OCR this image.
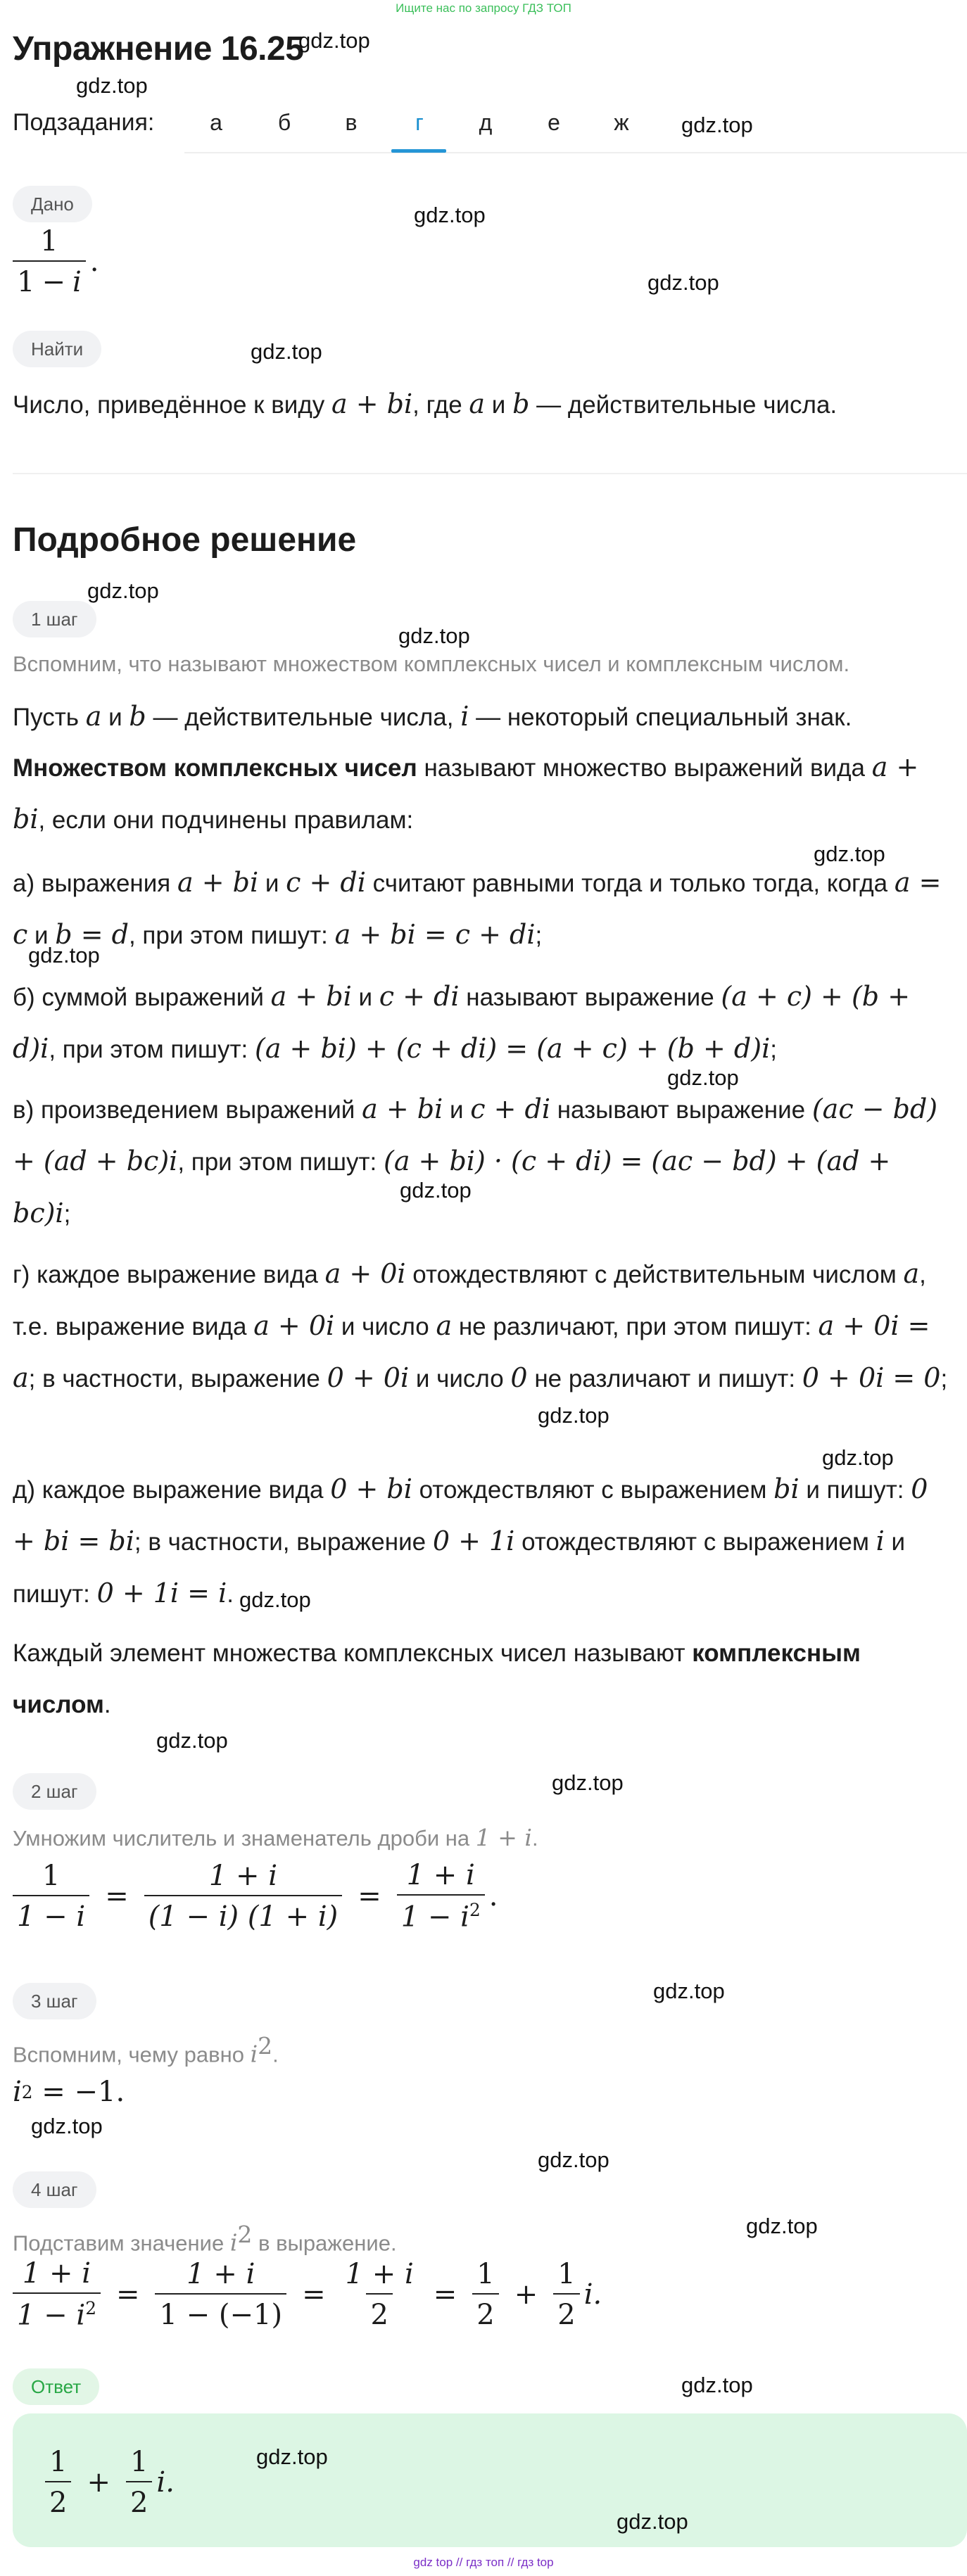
Ищите нас по запросу ГДЗ ТОП
Упражнение 16.25
gdz.top
gdz.top
Подзадания:	а	б	в	г	д	е	ж	gdz.top
Дано	gdz.top
$\frac{1}{1 - i}$ .
gdz.top
Найти	gdz.top
Число, приведённое к виду a + bi, где a и b — действительные числа.
Подробное решение
gdz.top
1 шаг
gdz.top
Вспомним, что называют множеством комплексных чисел и комплексным числом.
Пусть a и b — действительные числа, i — некоторый специальный знак.
Множеством комплексных чисел называют множество выражений вида a + bi, если они подчинены правилам:
gdz.top
а) выражения a + bi и c + di считают равными тогда и только тогда, когда a = c и b = d, при этом пишут: a + bi = c + di;
gdz.top
б) суммой выражений a + bi и c + di называют выражение (a + c) + (b + d)i, при этом пишут: (a + bi) + (c + di) = (a + c) + (b + d)i;
gdz.top
в) произведением выражений a + bi и c + di называют выражение (ac − bd) + (ad + bc)i, при этом пишут: (a + bi) · (c + di) = (ac − bd) + (ad + bc)i;
gdz.top
г) каждое выражение вида a + 0i отождествляют с действительным числом a, т.е. выражение вида a + 0i и число a не различают, при этом пишут: a + 0i = a; в частности, выражение 0 + 0i и число 0 не различают и пишут: 0 + 0i = 0;
gdz.top
gdz.top
д) каждое выражение вида 0 + bi отождествляют с выражением bi и пишут: 0 + bi = bi; в частности, выражение 0 + 1i отождествляют с выражением i и пишут: 0 + 1i = i. gdz.top
Каждый элемент множества комплексных чисел называют комплексным числом.
gdz.top
2 шаг	gdz.top
Умножим числитель и знаменатель дроби на 1 + i.
$\frac{1}{1 - i} = \frac{1 + i}{(1 - i) (1 + i)} = \frac{1 + i}{1 - i^2}$ .
3 шаг	gdz.top
Вспомним, чему равно $i^2$.
i 2 = −1.
gdz.top
gdz.top
4 шаг
gdz.top
Подставим значение $i^2$ в выражение.
$\frac{1 + i}{1 - i^2} = \frac{1 + i}{1 - (-1)} = \frac{1 + i}{2} = \frac{1}{2} + \frac{1}{2} i$.
Ответ	gdz.top
$\frac{1}{2} + \frac{1}{2} i$.
gdz.top
gdz.top
gdz top // гдз топ // гдз top
